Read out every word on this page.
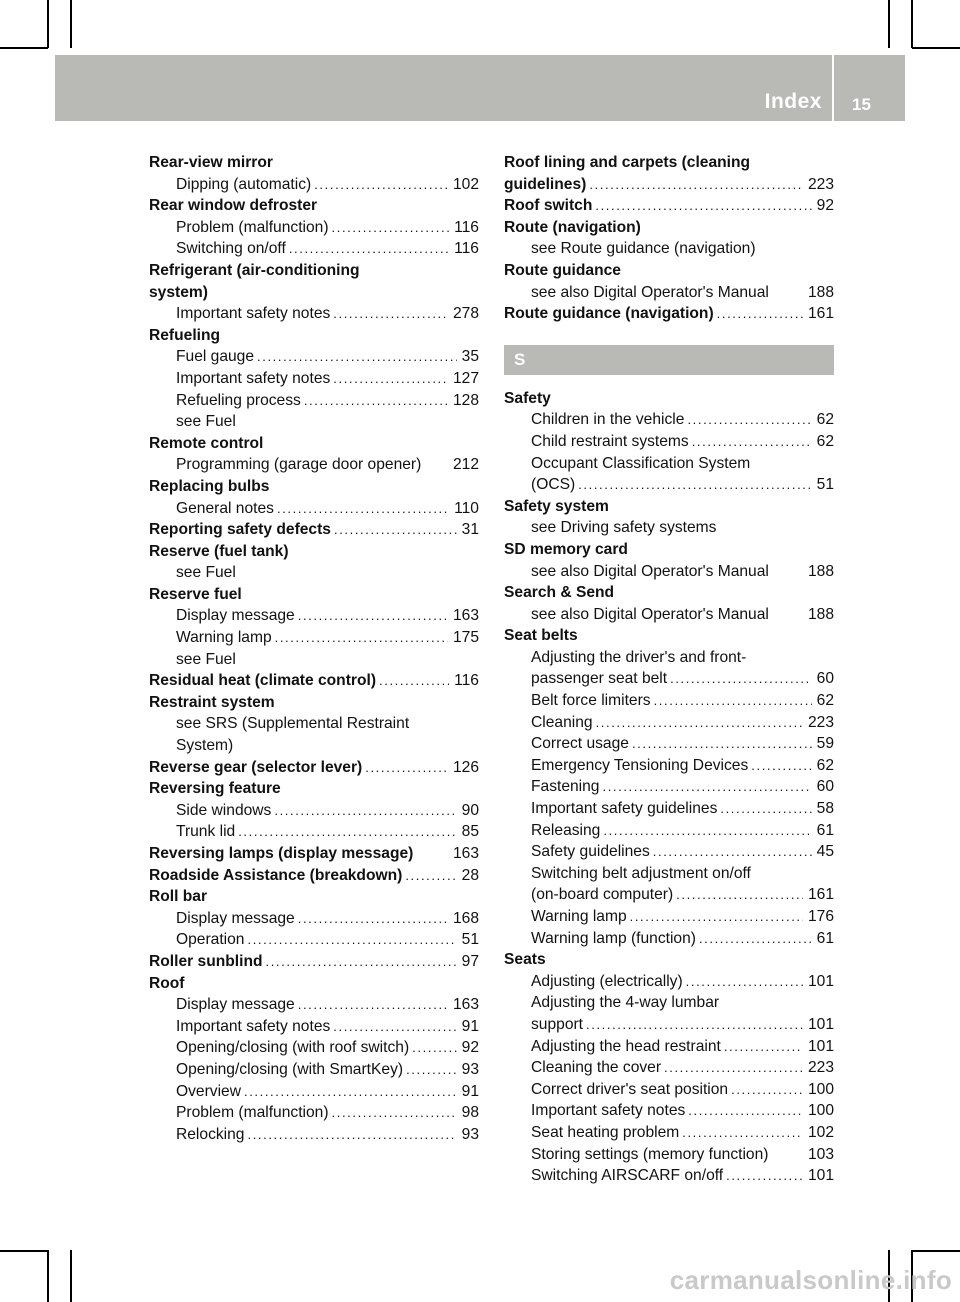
Index 15
Rear-view mirror
Dipping (automatic) .....	102
Rear window defroster
Problem (malfunction) .....	116
Switching on/off .....	116
Refrigerant (air-conditioning
system)
Important safety notes .....	278
Refueling
Fuel gauge .....	35
Important safety notes .....	127
Refueling process .....	128
see Fuel
Remote control
Programming (garage door opener) 212
Replacing bulbs
General notes .....	110
Reporting safety defects .....	31
Reserve (fuel tank)
see Fuel
Reserve fuel
Display message .....	163
Warning lamp .....	175
see Fuel
Residual heat (climate control) .....	116
Restraint system
see SRS (Supplemental Restraint
System)
Reverse gear (selector lever) .....	126
Reversing feature
Side windows .....	90
Trunk lid .....	85
Reversing lamps (display message)	163
Roadside Assistance (breakdown) .....	28
Roll bar
Display message .....	168
Operation .....	51
Roller sunblind .....	97
Roof
Display message .....	163
Important safety notes .....	91
Opening/closing (with roof switch) .....	92
Opening/closing (with SmartKey) .....	93
Overview .....	91
Problem (malfunction) .....	98
Relocking .....	93
Roof lining and carpets (cleaning
guidelines) .....	223
Roof switch .....	92
Route (navigation)
see Route guidance (navigation)
Route guidance
see also Digital Operator's Manual	188
Route guidance (navigation) .....	161
S
Safety
Children in the vehicle .....	62
Child restraint systems .....	62
Occupant Classification System
(OCS) .....	51
Safety system
see Driving safety systems
SD memory card
see also Digital Operator's Manual	188
Search & Send
see also Digital Operator's Manual	188
Seat belts
Adjusting the driver's and front-
passenger seat belt .....	60
Belt force limiters .....	62
Cleaning .....	223
Correct usage .....	59
Emergency Tensioning Devices .....	62
Fastening .....	60
Important safety guidelines .....	58
Releasing .....	61
Safety guidelines .....	45
Switching belt adjustment on/off
(on-board computer) .....	161
Warning lamp .....	176
Warning lamp (function) .....	61
Seats
Adjusting (electrically) .....	101
Adjusting the 4-way lumbar
support .....	101
Adjusting the head restraint .....	101
Cleaning the cover .....	223
Correct driver's seat position .....	100
Important safety notes .....	100
Seat heating problem .....	102
Storing settings (memory function)	103
Switching AIRSCARF on/off .....	101
carmanualsonline.info
